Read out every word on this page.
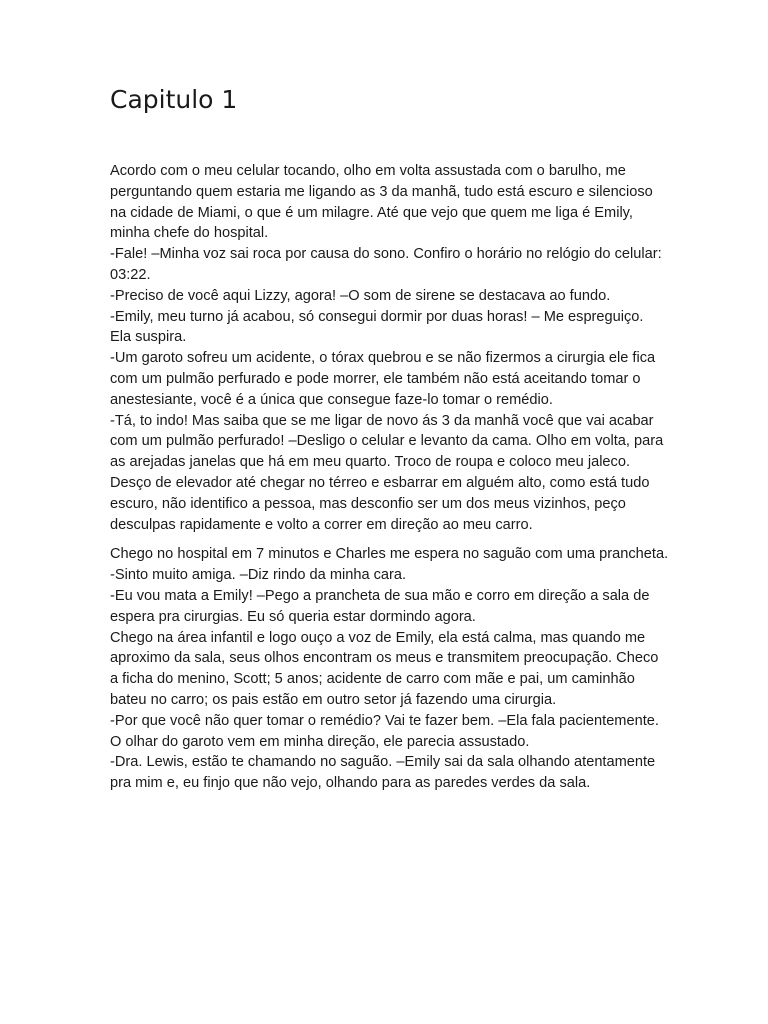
Capitulo 1

Acordo com o meu celular tocando, olho em volta assustada com o barulho, me perguntando quem estaria me ligando as 3 da manhã, tudo está escuro e silencioso na cidade de Miami, o que é um milagre. Até que vejo que quem me liga é Emily, minha chefe do hospital.

-Fale! –Minha voz sai roca por causa do sono. Confiro o horário no relógio do celular: 03:22.

-Preciso de você aqui Lizzy, agora! –O som de sirene se destacava ao fundo.

-Emily, meu turno já acabou, só consegui dormir por duas horas! – Me espreguiço.

Ela suspira.

-Um garoto sofreu um acidente, o tórax quebrou e se não fizermos a cirurgia ele fica com um pulmão perfurado e pode morrer, ele também não está aceitando tomar o anestesiante, você é a única que consegue faze-lo tomar o remédio.

-Tá, to indo! Mas saiba que se me ligar de novo ás 3 da manhã você que vai acabar com um pulmão perfurado! –Desligo o celular e levanto da cama. Olho em volta, para as arejadas janelas que há em meu quarto. Troco de roupa e coloco meu jaleco.

Desço de elevador até chegar no térreo e esbarrar em alguém alto, como está tudo escuro, não identifico a pessoa, mas desconfio ser um dos meus vizinhos, peço desculpas rapidamente e volto a correr em direção ao meu carro.

Chego no hospital em 7 minutos e Charles me espera no saguão com uma prancheta.

-Sinto muito amiga. –Diz rindo da minha cara.

-Eu vou mata a Emily! –Pego a prancheta de sua mão e corro em direção a sala de espera pra cirurgias. Eu só queria estar dormindo agora.

Chego na área infantil e logo ouço a voz de Emily, ela está calma, mas quando me aproximo da sala, seus olhos encontram os meus e transmitem preocupação. Checo a ficha do menino, Scott; 5 anos; acidente de carro com mãe e pai, um caminhão bateu no carro; os pais estão em outro setor já fazendo uma cirurgia.

-Por que você não quer tomar o remédio? Vai te fazer bem. –Ela fala pacientemente. O olhar do garoto vem em minha direção, ele parecia assustado.

-Dra. Lewis, estão te chamando no saguão. –Emily sai da sala olhando atentamente pra mim e, eu finjo que não vejo, olhando para as paredes verdes da sala.
